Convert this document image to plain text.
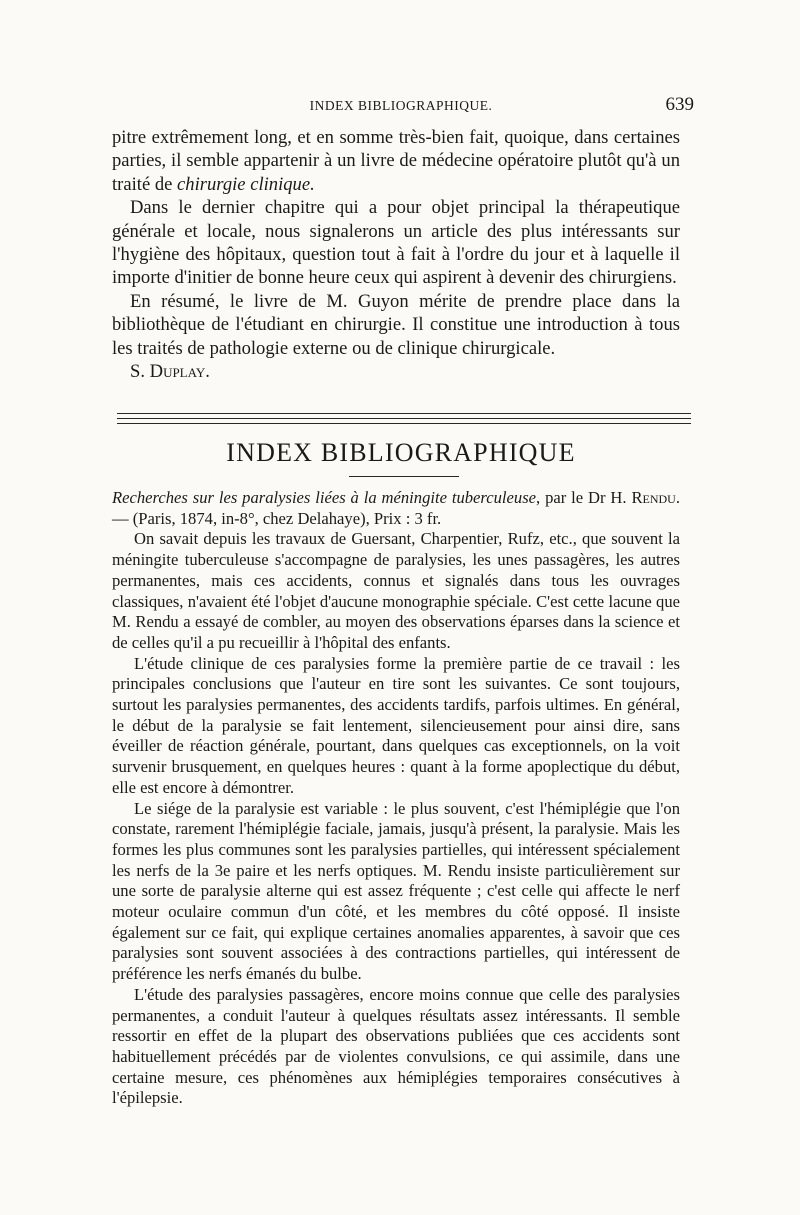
INDEX BIBLIOGRAPHIQUE.	639

pitre extrêmement long, et en somme très-bien fait, quoique, dans certaines parties, il semble appartenir à un livre de médecine opératoire plutôt qu'à un traité de chirurgie clinique.

Dans le dernier chapitre qui a pour objet principal la thérapeutique générale et locale, nous signalerons un article des plus intéressants sur l'hygiène des hôpitaux, question tout à fait à l'ordre du jour et à laquelle il importe d'initier de bonne heure ceux qui aspirent à devenir des chirurgiens.

En résumé, le livre de M. Guyon mérite de prendre place dans la bibliothèque de l'étudiant en chirurgie. Il constitue une introduction à tous les traités de pathologie externe ou de clinique chirurgicale.

S. Duplay.

INDEX BIBLIOGRAPHIQUE

Recherches sur les paralysies liées à la méningite tuberculeuse, par le Dr H. Rendu. — (Paris, 1874, in-8°, chez Delahaye), Prix : 3 fr.

On savait depuis les travaux de Guersant, Charpentier, Rufz, etc., que souvent la méningite tuberculeuse s'accompagne de paralysies, les unes passagères, les autres permanentes, mais ces accidents, connus et signalés dans tous les ouvrages classiques, n'avaient été l'objet d'aucune monographie spéciale. C'est cette lacune que M. Rendu a essayé de combler, au moyen des observations éparses dans la science et de celles qu'il a pu recueillir à l'hôpital des enfants.

L'étude clinique de ces paralysies forme la première partie de ce travail : les principales conclusions que l'auteur en tire sont les suivantes. Ce sont toujours, surtout les paralysies permanentes, des accidents tardifs, parfois ultimes. En général, le début de la paralysie se fait lentement, silencieusement pour ainsi dire, sans éveiller de réaction générale, pourtant, dans quelques cas exceptionnels, on la voit survenir brusquement, en quelques heures : quant à la forme apoplectique du début, elle est encore à démontrer.

Le siége de la paralysie est variable : le plus souvent, c'est l'hémiplégie que l'on constate, rarement l'hémiplégie faciale, jamais, jusqu'à présent, la paralysie. Mais les formes les plus communes sont les paralysies partielles, qui intéressent spécialement les nerfs de la 3e paire et les nerfs optiques. M. Rendu insiste particulièrement sur une sorte de paralysie alterne qui est assez fréquente ; c'est celle qui affecte le nerf moteur oculaire commun d'un côté, et les membres du côté opposé. Il insiste également sur ce fait, qui explique certaines anomalies apparentes, à savoir que ces paralysies sont souvent associées à des contractions partielles, qui intéressent de préférence les nerfs émanés du bulbe.

L'étude des paralysies passagères, encore moins connue que celle des paralysies permanentes, a conduit l'auteur à quelques résultats assez intéressants. Il semble ressortir en effet de la plupart des observations publiées que ces accidents sont habituellement précédés par de violentes convulsions, ce qui assimile, dans une certaine mesure, ces phénomènes aux hémiplégies temporaires consécutives à l'épilepsie.
